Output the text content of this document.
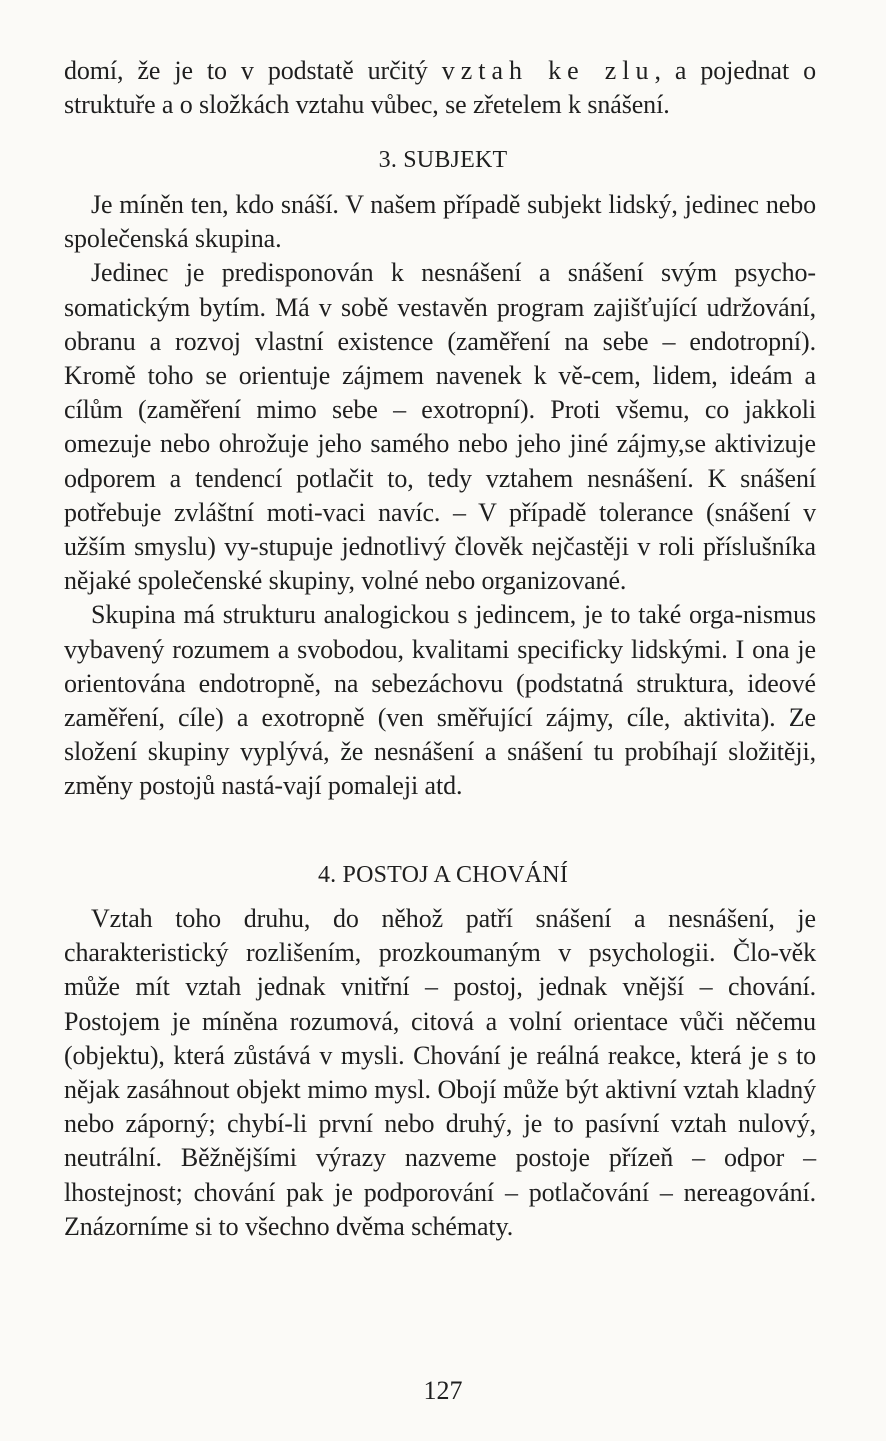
domí, že je to v podstatě určitý vztah ke zlu, a pojednat o struktuře a o složkách vztahu vůbec, se zřetelem k snášení.

3. SUBJEKT

Je míněn ten, kdo snáší. V našem případě subjekt lidský, jedinec nebo společenská skupina.

Jedinec je predisponován k nesnášení a snášení svým psycho-somatickým bytím. Má v sobě vestavěn program zajišťující udržování, obranu a rozvoj vlastní existence (zaměření na sebe – endotropní). Kromě toho se orientuje zájmem navenek k vě-cem, lidem, ideám a cílům (zaměření mimo sebe – exotropní). Proti všemu, co jakkoli omezuje nebo ohrožuje jeho samého nebo jeho jiné zájmy,se aktivizuje odporem a tendencí potlačit to, tedy vztahem nesnášení. K snášení potřebuje zvláštní moti-vaci navíc. – V případě tolerance (snášení v užším smyslu) vy-stupuje jednotlivý člověk nejčastěji v roli příslušníka nějaké společenské skupiny, volné nebo organizované.

Skupina má strukturu analogickou s jedincem, je to také orga-nismus vybavený rozumem a svobodou, kvalitami specificky lidskými. I ona je orientována endotropně, na sebezáchovu (podstatná struktura, ideové zaměření, cíle) a exotropně (ven směřující zájmy, cíle, aktivita). Ze složení skupiny vyplývá, že nesnášení a snášení tu probíhají složitěji, změny postojů nastá-vají pomaleji atd.

4. POSTOJ A CHOVÁNÍ

Vztah toho druhu, do něhož patří snášení a nesnášení, je charakteristický rozlišením, prozkoumaným v psychologii. Člo-věk může mít vztah jednak vnitřní – postoj, jednak vnější – chování. Postojem je míněna rozumová, citová a volní orientace vůči něčemu (objektu), která zůstává v mysli. Chování je reálná reakce, která je s to nějak zasáhnout objekt mimo mysl. Obojí může být aktivní vztah kladný nebo záporný; chybí-li první nebo druhý, je to pasívní vztah nulový, neutrální. Běžnějšími výrazy nazveme postoje přízeň – odpor – lhostejnost; chování pak je podporování – potlačování – nereagování. Znázorníme si to všechno dvěma schématy.

127
